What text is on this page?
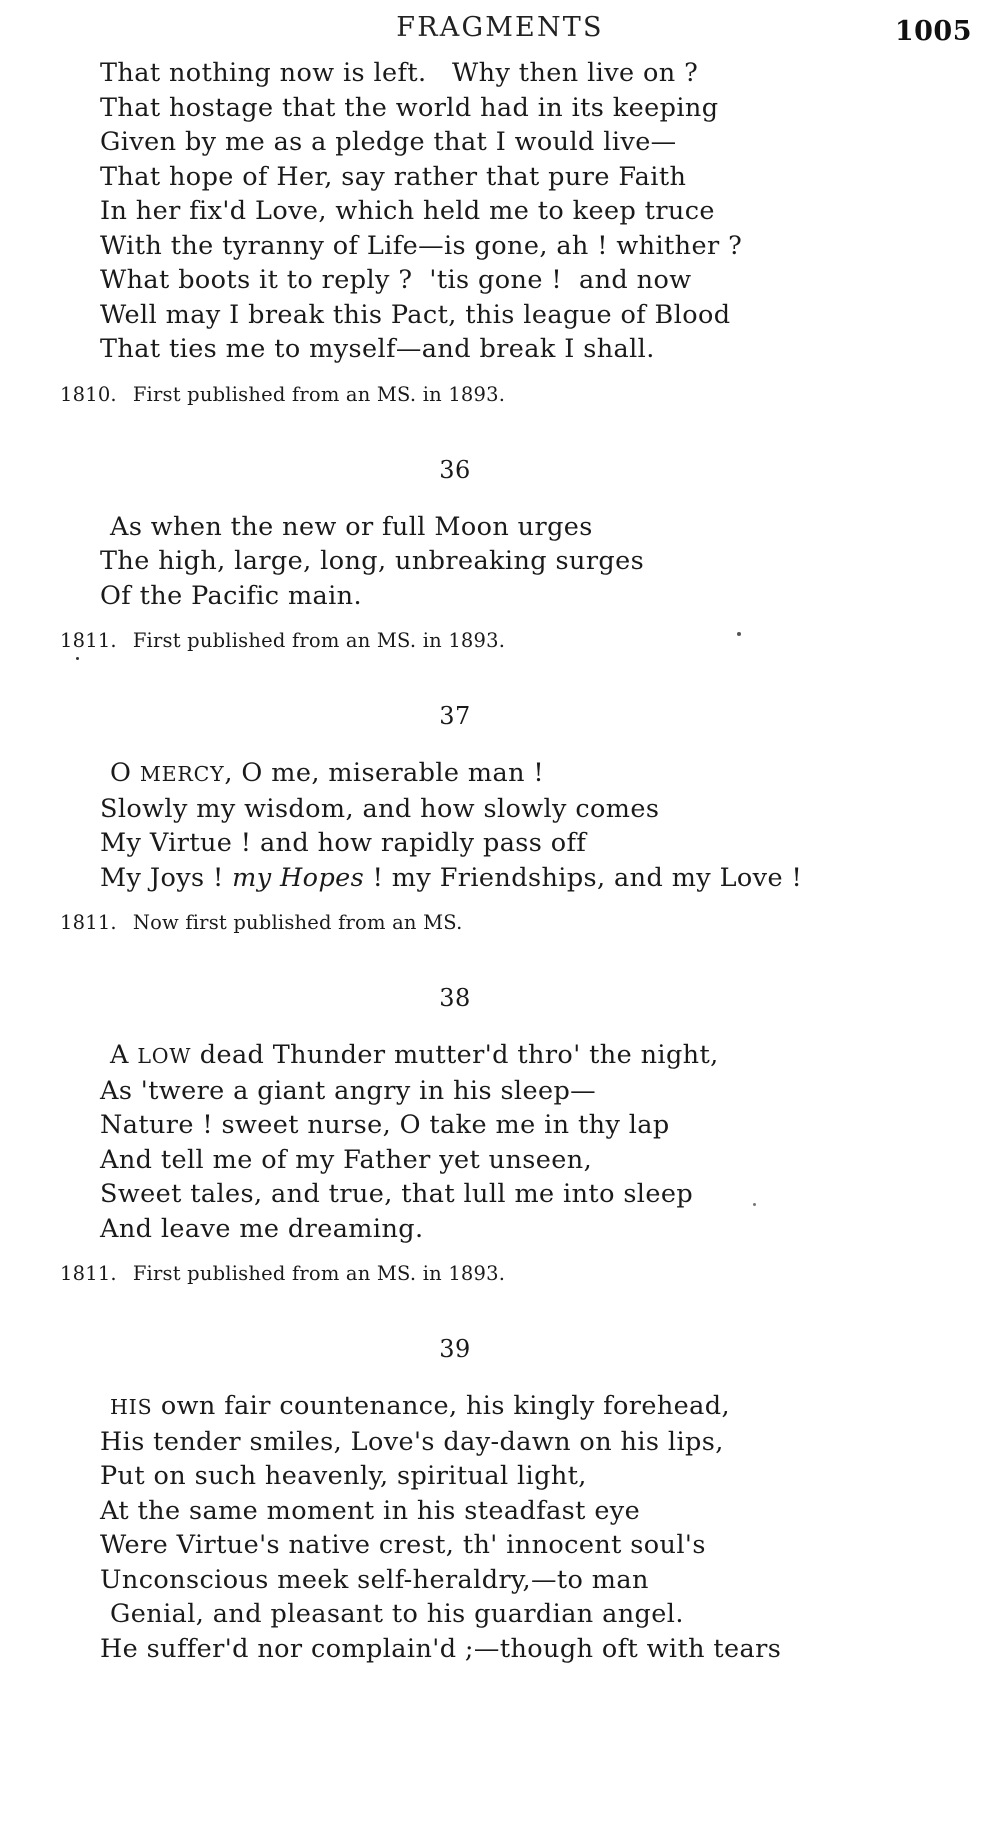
FRAGMENTS	1005
That nothing now is left.   Why then live on ?
That hostage that the world had in its keeping
Given by me as a pledge that I would live—
That hope of Her, say rather that pure Faith
In her fix'd Love, which held me to keep truce
With the tyranny of Life—is gone, ah ! whither ?
What boots it to reply ?  'tis gone !  and now
Well may I break this Pact, this league of Blood
That ties me to myself—and break I shall.
1810. First published from an MS. in 1893.
36
As when the new or full Moon urges
The high, large, long, unbreaking surges
Of the Pacific main.
1811. First published from an MS. in 1893.
37
O MERCY, O me, miserable man !
Slowly my wisdom, and how slowly comes
My Virtue ! and how rapidly pass off
My Joys ! my Hopes ! my Friendships, and my Love !
1811. Now first published from an MS.
38
A LOW dead Thunder mutter'd thro' the night,
As 'twere a giant angry in his sleep—
Nature ! sweet nurse, O take me in thy lap
And tell me of my Father yet unseen,
Sweet tales, and true, that lull me into sleep
And leave me dreaming.
1811. First published from an MS. in 1893.
39
HIS own fair countenance, his kingly forehead,
His tender smiles, Love's day-dawn on his lips,
Put on such heavenly, spiritual light,
At the same moment in his steadfast eye
Were Virtue's native crest, th' innocent soul's
Unconscious meek self-heraldry,—to man
Genial, and pleasant to his guardian angel.
He suffer'd nor complain'd ;—though oft with tears
